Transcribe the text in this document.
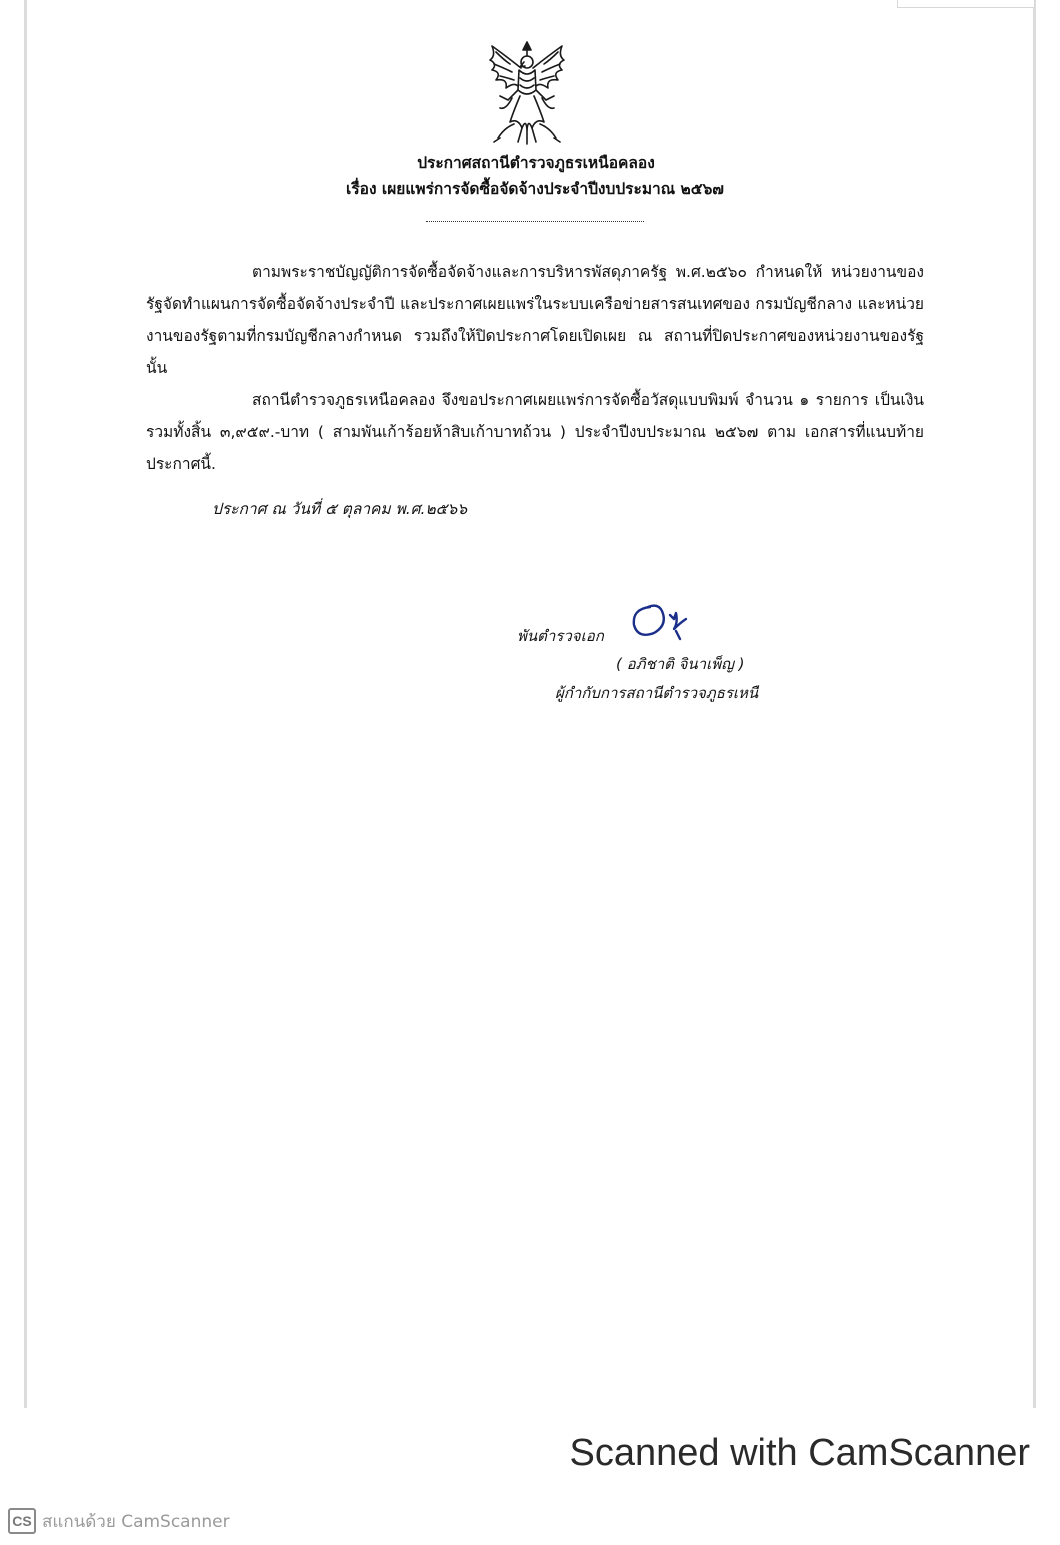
ประกาศสถานีตำรวจภูธรเหนือคลอง
เรื่อง เผยแพร่การจัดซื้อจัดจ้างประจำปีงบประมาณ ๒๕๖๗
ตามพระราชบัญญัติการจัดซื้อจัดจ้างและการบริหารพัสดุภาครัฐ พ.ศ.๒๕๖๐ กำหนดให้ หน่วยงานของรัฐจัดทำแผนการจัดซื้อจัดจ้างประจำปี และประกาศเผยแพร่ในระบบเครือข่ายสารสนเทศของ กรมบัญชีกลาง และหน่วยงานของรัฐตามที่กรมบัญชีกลางกำหนด รวมถึงให้ปิดประกาศโดยเปิดเผย ณ สถานที่ปิดประกาศของหน่วยงานของรัฐ นั้น
สถานีตำรวจภูธรเหนือคลอง จึงขอประกาศเผยแพร่การจัดซื้อวัสดุแบบพิมพ์ จำนวน ๑ รายการ เป็นเงินรวมทั้งสิ้น ๓,๙๕๙.-บาท ( สามพันเก้าร้อยห้าสิบเก้าบาทถ้วน ) ประจำปีงบประมาณ ๒๕๖๗ ตาม เอกสารที่แนบท้ายประกาศนี้.
ประกาศ ณ วันที่ ๕ ตุลาคม พ.ศ.๒๕๖๖
พันตำรวจเอก
( อภิชาติ จินาเพ็ญ )
ผู้กำกับการสถานีตำรวจภูธรเหนื
Scanned with CamScanner
CS สแกนด้วย CamScanner
